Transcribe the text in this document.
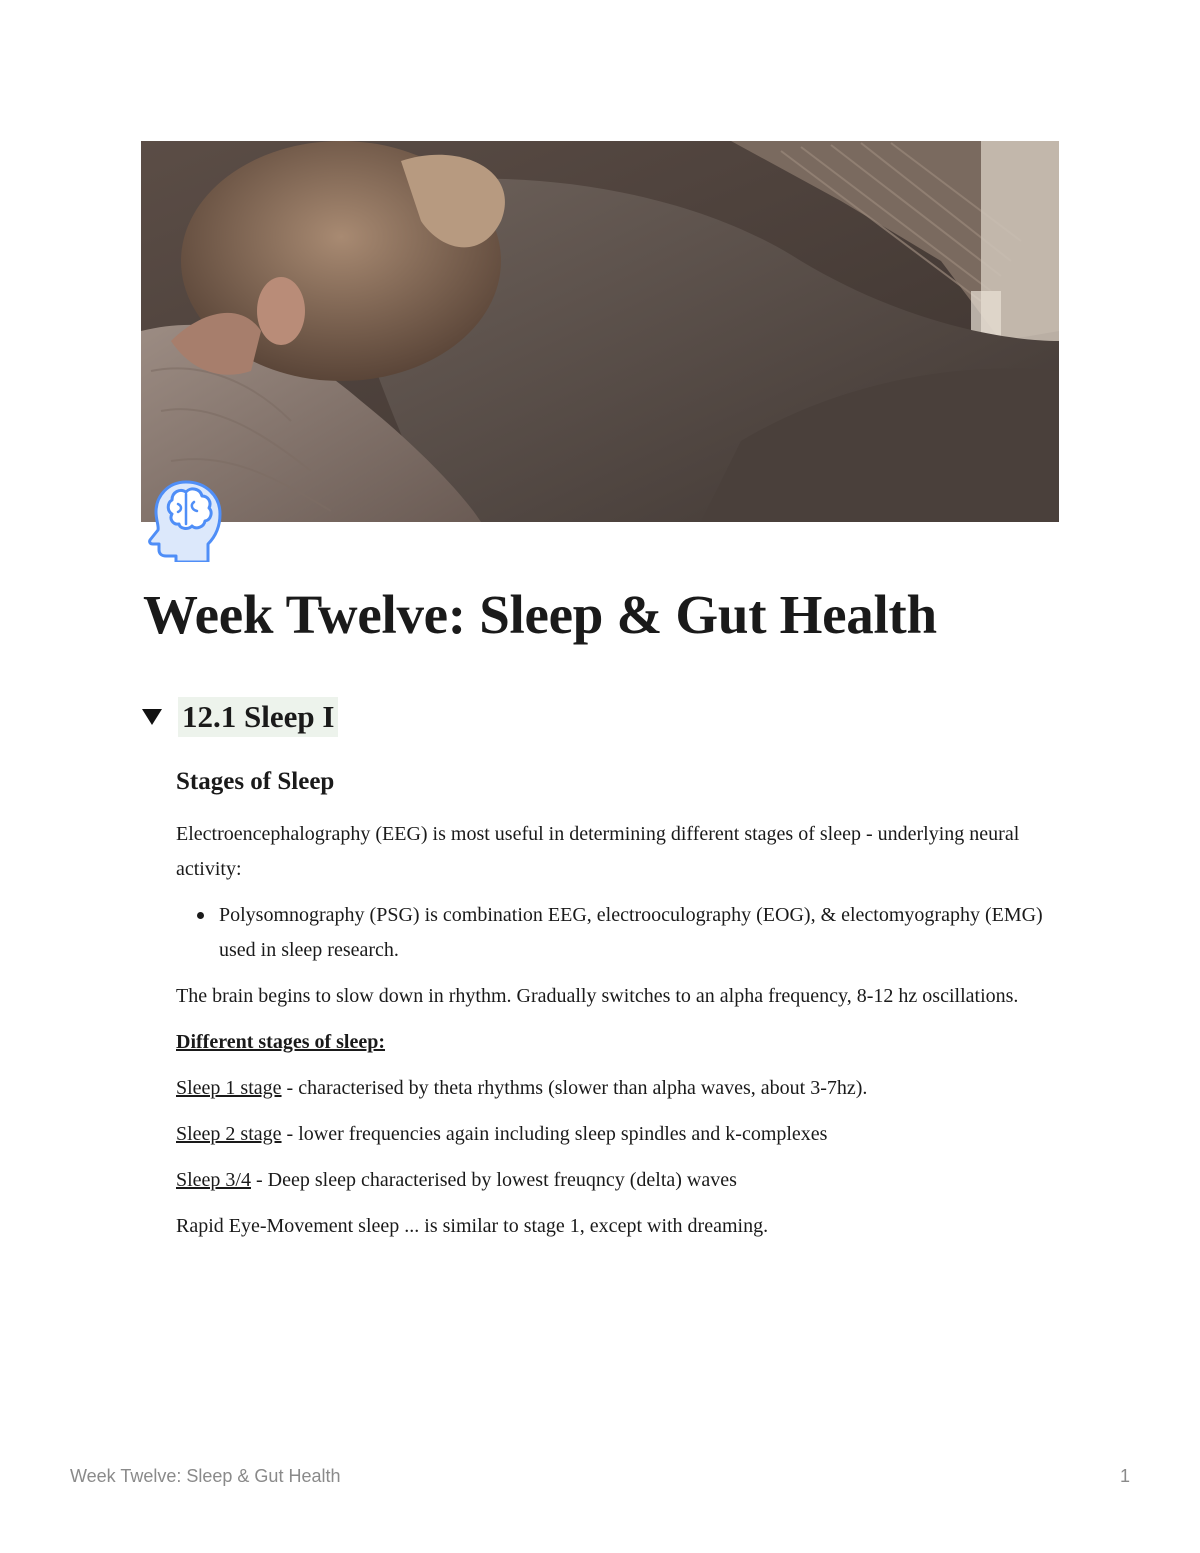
Week Twelve: Sleep & Gut Health
12.1 Sleep I
Stages of Sleep

Electroencephalography (EEG) is most useful in determining different stages of sleep - underlying neural activity:

Polysomnography (PSG) is combination EEG, electrooculography (EOG), & electomyography (EMG) used in sleep research.

The brain begins to slow down in rhythm. Gradually switches to an alpha frequency, 8-12 hz oscillations.

Different stages of sleep:

Sleep 1 stage - characterised by theta rhythms (slower than alpha waves, about 3-7hz).

Sleep 2 stage - lower frequencies again including sleep spindles and k-complexes

Sleep 3/4 - Deep sleep characterised by lowest freuqncy (delta) waves

Rapid Eye-Movement sleep ... is similar to stage 1, except with dreaming.

Week Twelve: Sleep & Gut Health	1
